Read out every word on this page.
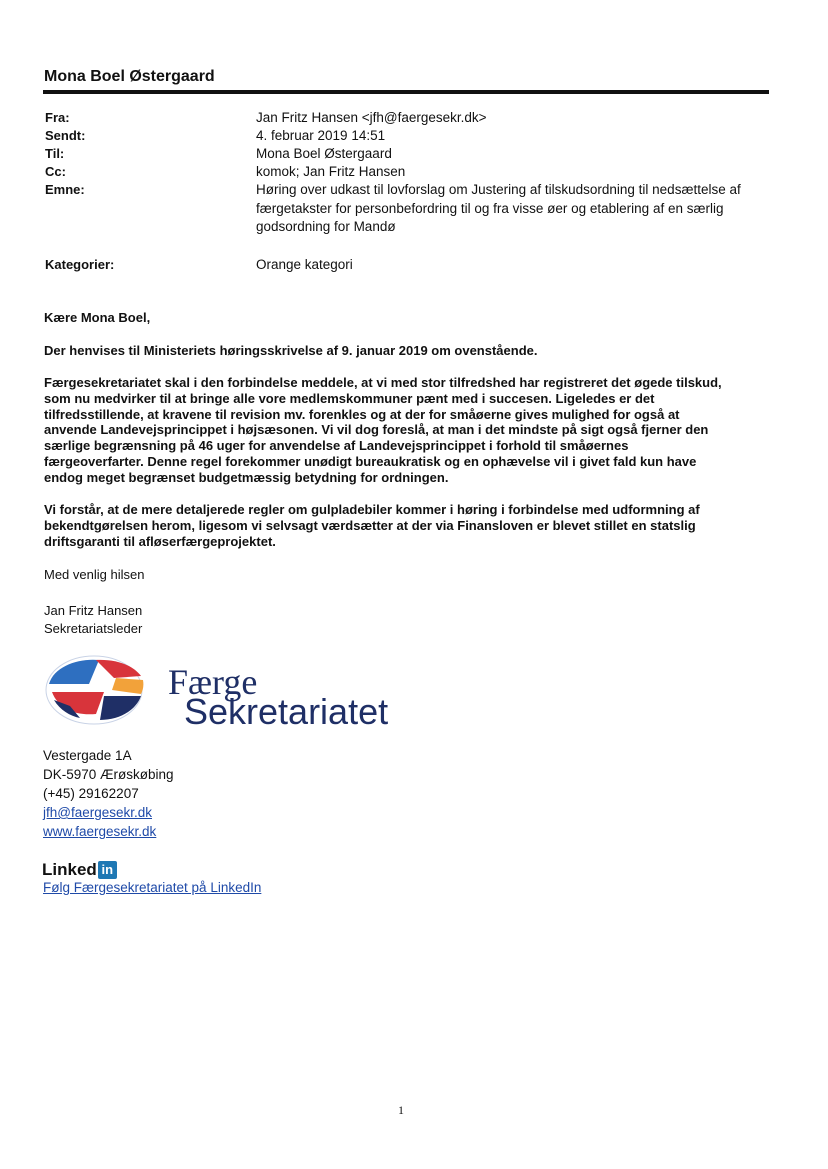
Mona Boel Østergaard
Fra:	Jan Fritz Hansen <jfh@faergesekr.dk>
Sendt:	4. februar 2019 14:51
Til:	Mona Boel Østergaard
Cc:	komok; Jan Fritz Hansen
Emne:	Høring over udkast til lovforslag om Justering af tilskudsordning til nedsættelse af
færgetakster for personbefordring til og fra visse øer og etablering af en særlig
godsordning for Mandø
Kategorier:	Orange kategori
Kære Mona Boel,
Der henvises til Ministeriets høringsskrivelse af 9. januar 2019 om ovenstående.
Færgesekretariatet skal i den forbindelse meddele, at vi med stor tilfredshed har registreret det øgede tilskud,
som nu medvirker til at bringe alle vore medlemskommuner pænt med i succesen. Ligeledes er det
tilfredsstillende, at kravene til revision mv. forenkles og at der for småøerne gives mulighed for også at
anvende Landevejsprincippet i højsæsonen. Vi vil dog foreslå, at man i det mindste på sigt også fjerner den
særlige begrænsning på 46 uger for anvendelse af Landevejsprincippet i forhold til småøernes
færgeoverfarter. Denne regel forekommer unødigt bureaukratisk og en ophævelse vil i givet fald kun have
endog meget begrænset budgetmæssig betydning for ordningen.
Vi forstår, at de mere detaljerede regler om gulpladebiler kommer i høring i forbindelse med udformning af
bekendtgørelsen herom, ligesom vi selvsagt værdsætter at der via Finansloven er blevet stillet en statslig
driftsgaranti til afløserfærgeprojektet.
Med venlig hilsen
Jan Fritz Hansen
Sekretariatsleder
Færge
Sekretariatet
Vestergade 1A
DK-5970 Ærøskøbing
(+45) 29162207
jfh@faergesekr.dk
www.faergesekr.dk
Linked in
Følg Færgesekretariatet på LinkedIn
1
